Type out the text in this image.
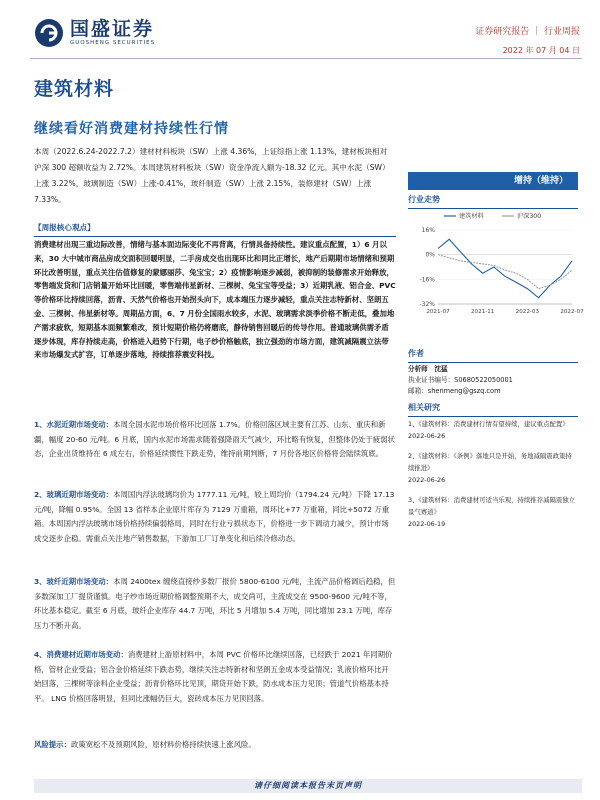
国盛证券
GUOSHENG SECURITIES
证券研究报告 ｜ 行业周报
2022 年 07 月 04 日
建筑材料
继续看好消费建材持续性行情
本周（2022.6.24-2022.7.2）建材材料板块（SW）上涨 4.36%，上证综指上涨 1.13%，建材板块相对沪深 300 超额收益为 2.72%。本周建筑材料板块（SW）资金净流入额为-18.32 亿元。其中水泥（SW）上涨 3.22%，玻璃制造（SW）上涨-0.41%，玻纤制造（SW）上涨 2.15%，装修建材（SW）上涨 7.33%。
【周报核心观点】
消费建材出现三重边际改善，情绪与基本面边际变化不再背离，行情具备持续性。建议重点配置，1）6 月以来，30 大中城市商品房成交面积回暖明显，二手房成交也出现环比和同比正增长，地产后期期市场情绪和预期环比改善明显，重点关注估值修复的蒙娜丽莎、兔宝宝；2）疫情影响逐步减弱，被抑制的装修需求开始释放，零售端发货和门店销量开始环比回暖，零售端伟星新材、三棵树、兔宝宝等受益；3）近期乳液、铝合金、PVC 等价格环比持续回落，沥青、天然气价格也开始拐头向下，成本端压力逐步减轻，重点关注志特新材、坚朗五金、三棵树、伟星新材等。周期品方面，6、7 月份全国雨水较多，水泥、玻璃需求淡季价格不断走低，叠加地产需求疲软，短期基本面频繁难改，预计短期价格仍将磨底，静待销售回暖后的传导作用。普通玻璃供需矛盾逐步体现，库存持续走高，价格进入趋势下行期，电子纱价格触底，独立强劲的市场方面，建筑减隔震立法带来市场爆发式扩容，订单逐步落地，持续推荐震安科技。
1、水泥近期市场变动：本周全国水泥市场价格环比回落 1.7%。价格回落区域主要有江苏、山东、重庆和新疆，幅度 20-60 元/吨。6 月底，国内水泥市场需求随着强降雨天气减少，环比略有恢复，但整体仍处于疲弱状态，企业出货维持在 6 成左右，价格延续惯性下跌走势，维持前期判断，7 月份各地区价格将会陆续筑底。
2、玻璃近期市场变动：本周国内浮法玻璃均价为 1777.11 元/吨，较上周均价（1794.24 元/吨）下降 17.13 元/吨，降幅 0.95%。全国 13 省样本企业原片库存为 7129 万重箱，周环比+77 万重箱，同比+5072 万重箱。本周国内浮法玻璃市场价格持续偏弱格局，同时在行业亏损状态下，价格进一步下调动力减少，预计市场成交逐步企稳。需重点关注地产销售数据，下游加工厂订单变化和后续冷修动态。
3、玻纤近期市场变动：本周 2400tex 缠绕直接纱多数厂报价 5800-6100 元/吨，主流产品价格调后趋稳，但多数深加工厂提货谨慎。电子纱市场近期价格调整预期不大，成交尚可，主流成交在 9500-9600 元/吨不等，环比基本稳定。截至 6 月底，玻纤企业库存 44.7 万吨，环比 5 月增加 5.4 万吨，同比增加 23.1 万吨，库存压力不断升高。
4、消费建材近期市场变动：消费建材上游原材料中，本周 PVC 价格环比继续回落，已经跌于 2021 年同期价格，管材企业受益；铝合金价格延续下跌态势，继续关注志特新材和坚朗五金成本受益情况；乳液价格环比开始回落，三棵树等涂料企业受益；沥青价格环比见顶，期货开始下跌，防水成本压力见顶；管道气价格基本持平。 LNG 价格回落明显，但同比涨幅仍巨大，瓷砖成本压力见顶回落。
风险提示：政策宽松不及预期风险，原材料价格持续快速上涨风险。
请仔细阅读本报告末页声明
增持（维持）
行业走势
16%
0%
-16%
-32%
2021-07	2021-11	2022-03	2022-07
建筑材料	沪深300
作者
分析师　沈猛
执业证书编号：S0680522050001
邮箱：shenmeng@gszq.com
相关研究
1、《建筑材料：消费建材行情有望持续，建议重点配置》
2022-06-26
2、《建筑材料：《条例》落地只是开始，务地减隔震政策持续推进》
2022-06-26
3、《建筑材料：消费建材可适当乐观，持续推荐减隔震独立景气赛道》
2022-06-19
